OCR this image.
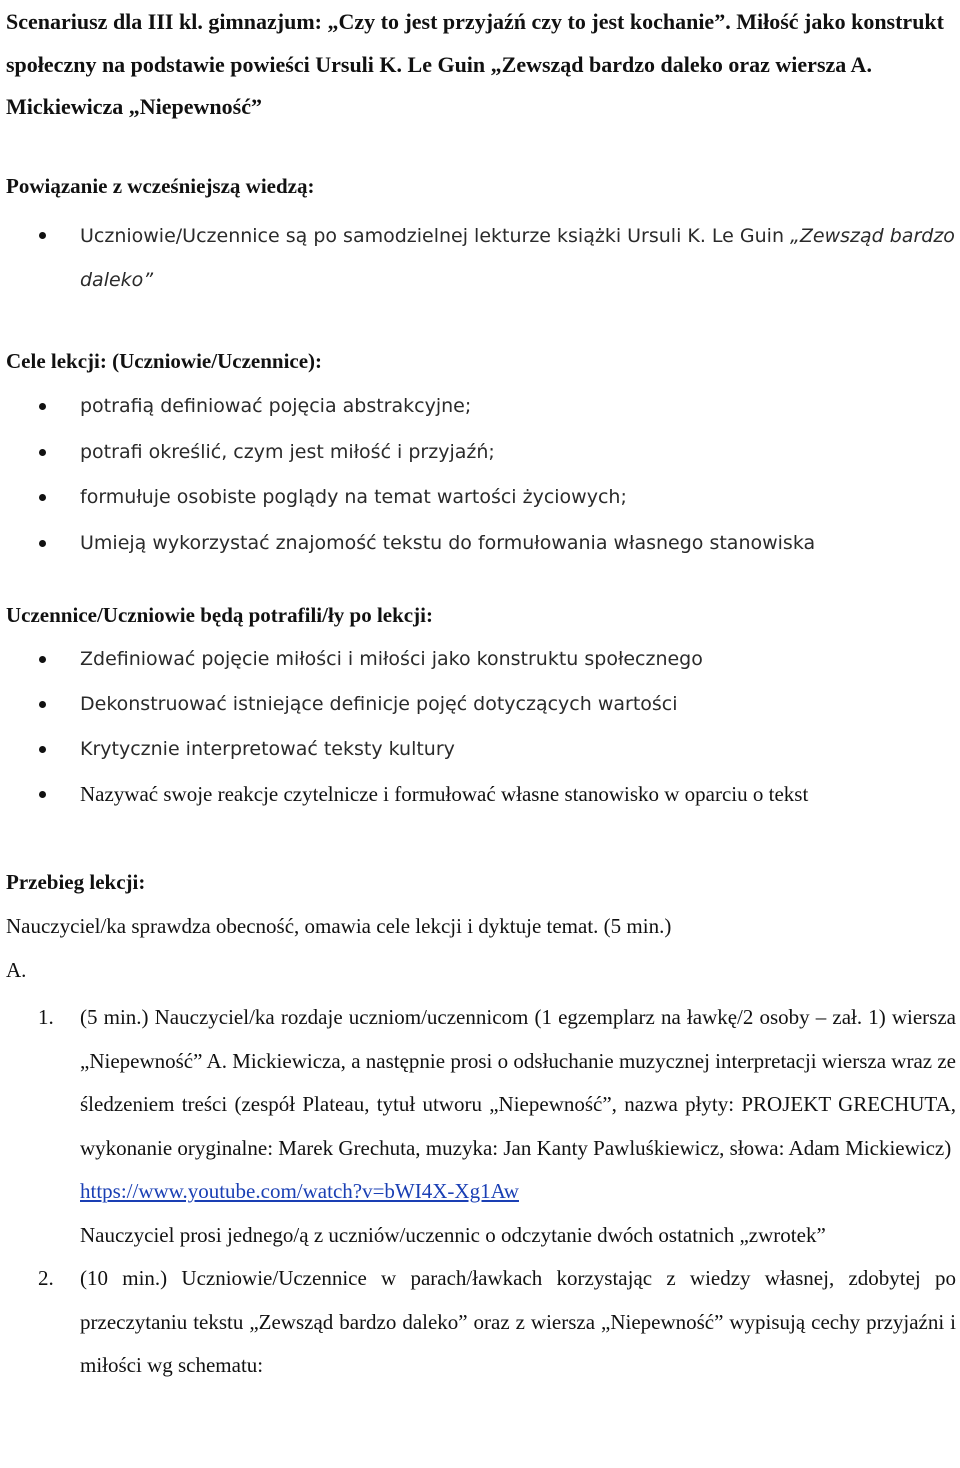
Scenariusz dla III kl. gimnazjum: „Czy to jest przyjaźń czy to jest kochanie”. Miłość jako konstrukt społeczny na podstawie powieści Ursuli K. Le Guin „Zewsząd bardzo daleko oraz wiersza A. Mickiewicza „Niepewność”
Powiązanie z wcześniejszą wiedzą:
Uczniowie/Uczennice są po samodzielnej lekturze książki Ursuli K. Le Guin „Zewsząd bardzo daleko”
Cele lekcji: (Uczniowie/Uczennice):
potrafią definiować pojęcia abstrakcyjne;
potrafi określić, czym jest miłość i przyjaźń;
formułuje osobiste poglądy na temat wartości życiowych;
Umieją wykorzystać znajomość tekstu do formułowania własnego stanowiska
Uczennice/Uczniowie będą potrafili/ły po lekcji:
Zdefiniować pojęcie miłości i miłości jako konstruktu społecznego
Dekonstruować istniejące definicje pojęć dotyczących wartości
Krytycznie interpretować teksty kultury
Nazywać swoje reakcje czytelnicze i formułować własne stanowisko w oparciu o tekst
Przebieg lekcji:
Nauczyciel/ka sprawdza obecność, omawia cele lekcji i dyktuje temat. (5 min.)
A.
1. (5 min.) Nauczyciel/ka rozdaje uczniom/uczennicom (1 egzemplarz na ławkę/2 osoby – zał. 1) wiersza „Niepewność” A. Mickiewicza, a następnie prosi o odsłuchanie muzycznej interpretacji wiersza wraz ze śledzeniem treści (zespół Plateau, tytuł utworu „Niepewność”, nazwa płyty: PROJEKT GRECHUTA, wykonanie oryginalne: Marek Grechuta, muzyka: Jan Kanty Pawluśkiewicz, słowa: Adam Mickiewicz)
https://www.youtube.com/watch?v=bWI4X-Xg1Aw
Nauczyciel prosi jednego/ą z uczniów/uczennic o odczytanie dwóch ostatnich „zwrotek”
2. (10 min.) Uczniowie/Uczennice w parach/ławkach korzystając z wiedzy własnej, zdobytej po przeczytaniu tekstu „Zewsząd bardzo daleko” oraz z wiersza „Niepewność” wypisują cechy przyjaźni i miłości wg schematu:
